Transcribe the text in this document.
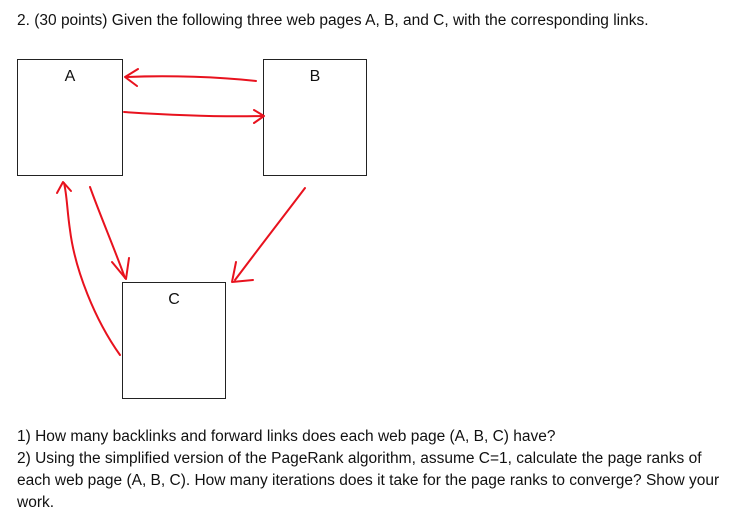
2. (30 points) Given the following three web pages A, B, and C, with the corresponding links.
A	B
C

1) How many backlinks and forward links does each web page (A, B, C) have?

2) Using the simplified version of the PageRank algorithm, assume C=1, calculate the page ranks of each web page (A, B, C). How many iterations does it take for the page ranks to converge? Show your work.
